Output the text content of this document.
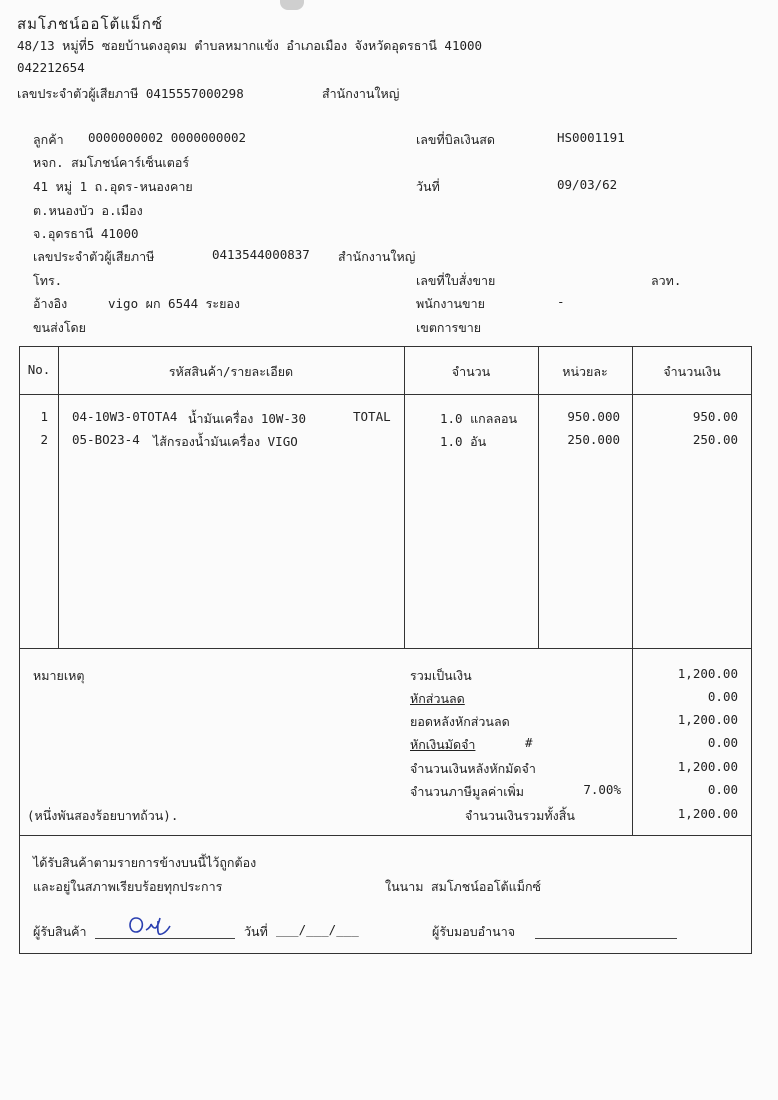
สมโภชน์ออโต้แม็กซ์
48/13 หมู่ที่5 ซอยบ้านดงอุดม ตำบลหมากแข้ง อำเภอเมือง จังหวัดอุดรธานี 41000
042212654
เลขประจำตัวผู้เสียภาษี 0415557000298	สำนักงานใหญ่
ลูกค้า 0000000002 0000000002
หจก. สมโภชน์คาร์เซ็นเตอร์
41 หมู่ 1 ถ.อุดร-หนองคาย
ต.หนองบัว อ.เมือง
จ.อุดรธานี 41000
เลขประจำตัวผู้เสียภาษี	0413544000837 สำนักงานใหญ่
โทร.
อ้างอิง	vigo ผก 6544 ระยอง
ขนส่งโดย
เลขที่บิลเงินสด	HS0001191
วันที่	09/03/62
เลขที่ใบสั่งขาย	ลวท.
พนักงานขาย	-
เขตการขาย
No.	รหัสสินค้า/รายละเอียด	จำนวน	หน่วยละ	จำนวนเงิน
1 04-10W3-0TOTA4 น้ำมันเครื่อง 10W-30	TOTAL	1.0 แกลลอน	950.000	950.00
2 05-BO23-4 ไส้กรองน้ำมันเครื่อง VIGO	1.0 อัน	250.000	250.00
หมายเหตุ
(หนึ่งพันสองร้อยบาทถ้วน).
รวมเป็นเงิน	1,200.00
หักส่วนลด	0.00
ยอดหลังหักส่วนลด	1,200.00
หักเงินมัดจำ	#	0.00
จำนวนเงินหลังหักมัดจำ	1,200.00
จำนวนภาษีมูลค่าเพิ่ม	7.00%	0.00
จำนวนเงินรวมทั้งสิ้น	1,200.00
ได้รับสินค้าตามรายการข้างบนนี้ไว้ถูกต้อง
และอยู่ในสภาพเรียบร้อยทุกประการ	ในนาม สมโภชน์ออโต้แม็กซ์
ผู้รับสินค้า	วันที่ ___/___/___	ผู้รับมอบอำนาจ
